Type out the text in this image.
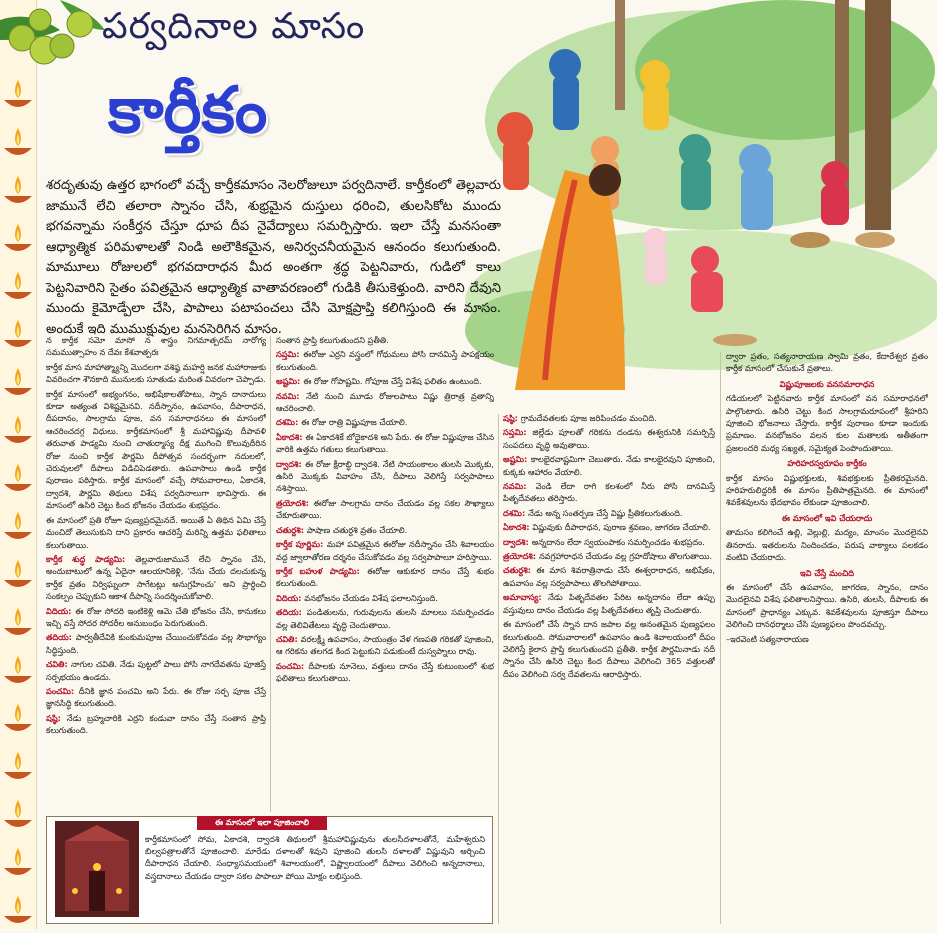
పర్వదినాల మాసం
కార్తీకం
శరదృతువు ఉత్తర భాగంలో వచ్చే కార్తీకమాసం నెలరోజులూ పర్వదినాలే. కార్తీకంలో తెల్లవారు జామునే లేచి తలారా స్నానం చేసి, శుభ్రమైన దుస్తులు ధరించి, తులసికోట ముందు భగవన్నామ సంకీర్తన చేస్తూ ధూప దీప నైవేద్యాలు సమర్పిస్తారు. ఇలా చేస్తే మనసంతా ఆధ్యాత్మిక పరిమళాలతో నిండి అలౌకికమైన, అనిర్వచనీయమైన ఆనందం కలుగుతుంది. మామూలు రోజులలో భగవదారాధన మీద అంతగా శ్రద్ధ పెట్టనివారు, గుడిలో కాలు పెట్టనివారిని సైతం పవిత్రమైన ఆధ్యాత్మిక వాతావరణంలో గుడికి తీసుకెళ్తుంది. వారిని దేవుని ముందు కైమోడ్పేలా చేసి, పాపాలు పటాపంచలు చేసి మోక్షప్రాప్తి కలిగిస్తుంది ఈ మాసం. అందుకే ఇది ముముక్షువుల మనసెరిగిన మాసం.

న కార్తీక సమో మాసో న శాస్త్రం నిగమాత్పరమ్ నారోగ్య సమముత్సాహం న దేవః కేశవాత్పరః

కార్తీక మాస మాహాత్మ్యాన్ని మొదలగా వశిష్ఠ మహర్షి జనక మహారాజుకు వివరించగా శౌనకాది మునులకు సూతుడు మరింత వివరంగా చెప్పాడు.

కార్తీక మాసంలో అభ్యంగనం, అభిషేకాలతోపాటు, స్నాన దానాదులు కూడా అత్యంత విశిష్టమైనవి. నదీస్నానం, ఉపవాసం, దీపారాధన, దీపదానం, సాలగ్రామ పూజ, వన సమారాధనలు ఈ మాసంలో ఆచరించదగ్గ విధులు. కార్తీకమాసంలో శ్రీ మహావిష్ణువు దీపావళి తరువాత పాడ్యమి నుంచి చాతుర్మాస్య దీక్ష ముగించి కొలువుదీరిన రోజు నుంచి కార్తీక పౌర్ణమి దీపోత్సవ సందర్భంగా నదులలో, చెరువులలో దీపాలు విడిచిపెడతారు. ఉపవాసాలు ఉండి కార్తీక పురాణం పఠిస్తారు. కార్తీక మాసంలో వచ్చే సోమవారాలు, ఏకాదశి, ద్వాదశి, పౌర్ణమి తిథులు విశేష పర్వదినాలుగా భావిస్తారు. ఈ మాసంలో ఉసిరి చెట్టు కింద భోజనం చేయడం శుభప్రదం.

ఈ మాసంలో ప్రతి రోజూ పుణ్యప్రదమైనదే. అయితే ఏ తిథిన ఏమి చేస్తే మంచిదో తెలుసుకుని దాని ప్రకారం ఆచరిస్తే మరిన్ని ఉత్తమ ఫలితాలు కలుగుతాయి.

కార్తీక శుద్ధ పాడ్యమి: తెల్లవారుజామునే లేచి స్నానం చేసి, అందుబాటులో ఉన్న ఏదైనా ఆలయానికెళ్లి, 'నేను చేయ దలచుకున్న కార్తీక వ్రతం నిర్విఘ్నంగా సాగేటట్లు అనుగ్రహించు' అని ప్రార్థించి సంకల్పం చెప్పుకుని ఆకాశ దీపాన్ని సందర్శించుకోవాలి.

విదియ: ఈ రోజు సోదరి ఇంటికెళ్లి ఆమె చేతి భోజనం చేసి, కానుకలు ఇచ్చి వస్తే సోదర సోదరీల అనుబంధం పెరుగుతుంది.

తదియ: పార్వతీదేవికి కుంకుమపూజ చేయించుకోవడం వల్ల సౌభాగ్యం సిద్ధిస్తుంది.

చవితి: నాగుల చవితి. నేడు పుట్టలో పాలు పోసి నాగదేవతను పూజిస్తే సర్పభయం ఉండదు.

పంచమి: దీనికి జ్ఞాన పంచమి అని పేరు. ఈ రోజు సర్ప పూజ చేస్తే జ్ఞానసిద్ధి కలుగుతుంది.

షష్ఠి: నేడు బ్రహ్మచారికి ఎర్రని కండువా దానం చేస్తే సంతాన ప్రాప్తి కలుగుతుంది.

సంతాన ప్రాప్తి కలుగుతుందని ప్రతీతి.

సప్తమి: ఈరోజు ఎర్రని వస్త్రంలో గోధుమలు పోసి దానమిస్తే పాపక్షయం కలుగుతుంది.

అష్టమి: ఈ రోజు గోపాష్టమి. గోపూజ చేస్తే విశేష ఫలితం ఉంటుంది.

నవమి: నేటి నుంచి మూడు రోజులపాటు విష్ణు త్రిరాత్ర వ్రతాన్ని ఆచరించాలి.

దశమి: ఈ రోజు రాత్రి విష్ణుపూజ చేయాలి.

ఏకాదశి: ఈ ఏకాదశికే బోధైకాదశి అని పేరు. ఈ రోజు విష్ణుపూజ చేసిన వారికి ఉత్తమ గతులు కలుగుతాయి.

ద్వాదశి: ఈ రోజు క్షీరాబ్ధి ద్వాదశి. నేటి సాయంకాలం తులసి మొక్కకు, ఉసిరి మొక్కకు వివాహం చేసి, దీపాలు వెలిగిస్తే సర్వపాపాలు నశిస్తాయి.

త్రయోదశి: ఈరోజు సాలగ్రామ దానం చేయడం వల్ల సకల సౌఖ్యాలు చేకూరుతాయి.

చతుర్దశి: పాషాణ చతుర్దశి వ్రతం చేయాలి.

కార్తీక పూర్ణిమ: మహా పవిత్రమైన ఈరోజు నదీస్నానం చేసి శివాలయం వద్ద జ్వాలాతోరణ దర్శనం చేసుకోవడం వల్ల సర్వపాపాలూ హరిస్తాయి.

కార్తీక బహుళ పాడ్యమి: ఈరోజు ఆకుకూర దానం చేస్తే శుభం కలుగుతుంది.

విదియ: వనభోజనం చేయడం విశేష ఫలాలనిస్తుంది.

తదియ: పండితులను, గురువులను తులసి మాలలు సమర్పించడం వల్ల తెలివితేటలు వృద్ధి చెందుతాయి.

చవితి: వరలక్ష్మీ ఉపవాసం, సాయంత్రం వేళ గణపతి గరికతో పూజించి, ఆ గరికను తలగడ కింద పెట్టుకుని పడుకుంటే దుస్వప్నాలు రావు.

పంచమి: దీపాలకు నూనెలు, వత్తులు దానం చేస్తే కుటుంబంలో శుభ ఫలితాలు కలుగుతాయి.

షష్ఠి: గ్రామదేవతలకు పూజ జరిపించడం మంచిది.

సప్తమి: జిల్లేడు పూలతో గరికను దండను ఈశ్వరునికి సమర్పిస్తే సంపదలు వృద్ధి అవుతాయి.

అష్టమి: కాలభైరవాష్టమిగా చెబుతారు. నేడు కాలభైరవుని పూజించి, కుక్కకు ఆహారం వేయాలి.

నవమి: వెండి లేదా రాగి కలశంలో నీరు పోసి దానమిస్తే పితృదేవతలు తరిస్తారు.

దశమి: నేడు అన్న సంతర్పణ చేస్తే విష్ణు ప్రీతికలుగుతుంది.

ఏకాదశి: విష్ణువుకు దీపారాధన, పురాణ శ్రవణం, జాగరణ చేయాలి.

ద్వాదశి: అన్నదానం లేదా స్వయంపాకం సమర్పించడం శుభప్రదం.

త్రయోదశి: నవగ్రహారాధన చేయడం వల్ల గ్రహదోషాలు తొలగుతాయి.

చతుర్దశి: ఈ మాస శివరాత్రినాడు చేసే ఈశ్వరారాధన, అభిషేకం, ఉపవాసం వల్ల సర్వపాపాలు తొలగిపోతాయి.

అమావాస్య: నేడు పితృదేవతల పేరిట అన్నదానం లేదా ఉప్పు వస్తువులు దానం చేయడం వల్ల పితృదేవతలు తృప్తి చెందుతారు.

ఈ మాసంలో చేసే స్నాన దాన జపాల వల్ల అనంతమైన పుణ్యఫలం కలుగుతుంది. సోమవారాలలో ఉపవాసం ఉండి శివాలయంలో దీపం వెలిగిస్తే కైలాస ప్రాప్తి కలుగుతుందని ప్రతీతి. కార్తీక పౌర్ణమినాడు నదీ స్నానం చేసి ఉసిరి చెట్టు కింద దీపాలు వెలిగించి 365 వత్తులతో దీపం వెలిగించి సర్వ దేవతలను ఆరాధిస్తారు.

ద్వారా ప్రతం, సత్యనారాయణ స్వామి వ్రతం, కేదారేశ్వర వ్రతం కార్తీక మాసంలో చేసుకునే వ్రతాలు.

విష్ణుపూజలకు వనసమారాధన

గడియలలో పెట్టినవారు కార్తీక మాసంలో వన సమారాధనలో పాల్గొంటారు. ఉసిరి చెట్టు కింద సాలగ్రామరూపంలో శ్రీహరిని పూజించి భోజనాలు చేస్తారు. కార్తీక పురాణం కూడా ఇందుకు ప్రమాణం. వనభోజనం వలన కుల మతాలకు అతీతంగా ప్రజలందరి మధ్య సఖ్యత, సమైక్యత పెంపొందుతాయి.

హరిహరస్వరూపం కార్తీకం

కార్తీక మాసం విష్ణుభక్తులకు, శివభక్తులకు ప్రీతికరమైనది. హరిహరులిద్దరికీ ఈ మాసం ప్రీతిపాత్రమైనది. ఈ మాసంలో శివకేశవులను భేదభావం లేకుండా పూజించాలి.

ఈ మాసంలో ఇవి చేయరాదు

తామసం కలిగించే ఉల్లి, వెల్లుల్లి, మద్యం, మాంసం మొదలైనవి తినరాదు. ఇతరులను నిందించడం, పరుష వాక్యాలు పలకడం వంటివి చేయరాదు.

ఇవి చేస్తే మంచిది

ఈ మాసంలో చేసే ఉపవాసం, జాగరణ, స్నానం, దానం మొదలైనవి విశేష ఫలితాలనిస్తాయి. ఉసిరి, తులసి, దీపాలకు ఈ మాసంలో ప్రాధాన్యం ఎక్కువ. శివకేశవులను పూజిస్తూ దీపాలు వెలిగించి దానధర్మాలు చేసి పుణ్యఫలం పొందవచ్చు.

–ఇరవెంటి సత్యనారాయణ

ఈ మాసంలో ఇలా పూజించాలి
కార్తీకమాసంలో సోమ, ఏకాదశి, ద్వాదశి తిథులలో శ్రీమహావిష్ణువును తులసీదళాలతోనే, మహేశ్వరుని బిల్వపత్రాలతోనే పూజించాలి. మారేడు దళాలతో శివుని పూజించి తులసి దళాలతో విష్ణువుని అర్చించి దీపారాధన చేయాలి. సంధ్యాసమయంలో శివాలయంలో, విష్ణ్వాలయంలో దీపాలు వెలిగించి అన్నదానాలు, వస్త్రదానాలు చేయడం ద్వారా సకల పాపాలూ పోయి మోక్షం లభిస్తుంది.
